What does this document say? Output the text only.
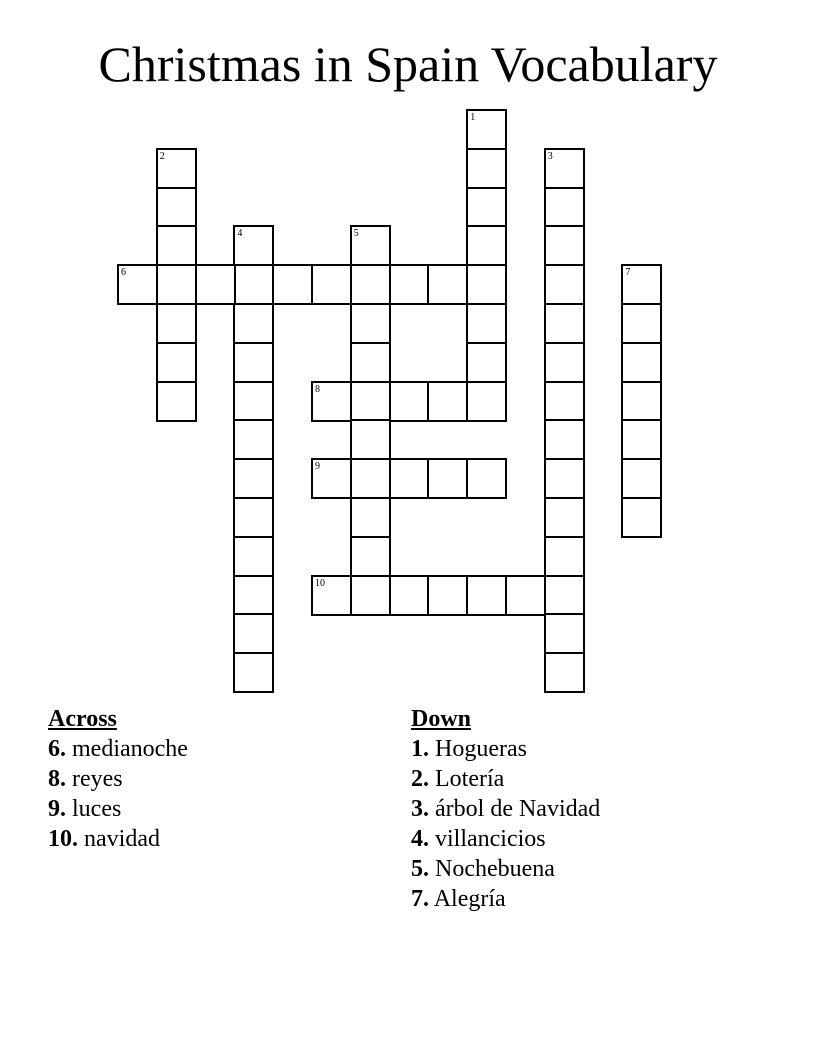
Christmas in Spain Vocabulary
1
2	3
4	5
6	7
8
9
10
Across
6. medianoche
8. reyes
9. luces
10. navidad
Down
1. Hogueras
2. Lotería
3. árbol de Navidad
4. villancicios
5. Nochebuena
7. Alegría
